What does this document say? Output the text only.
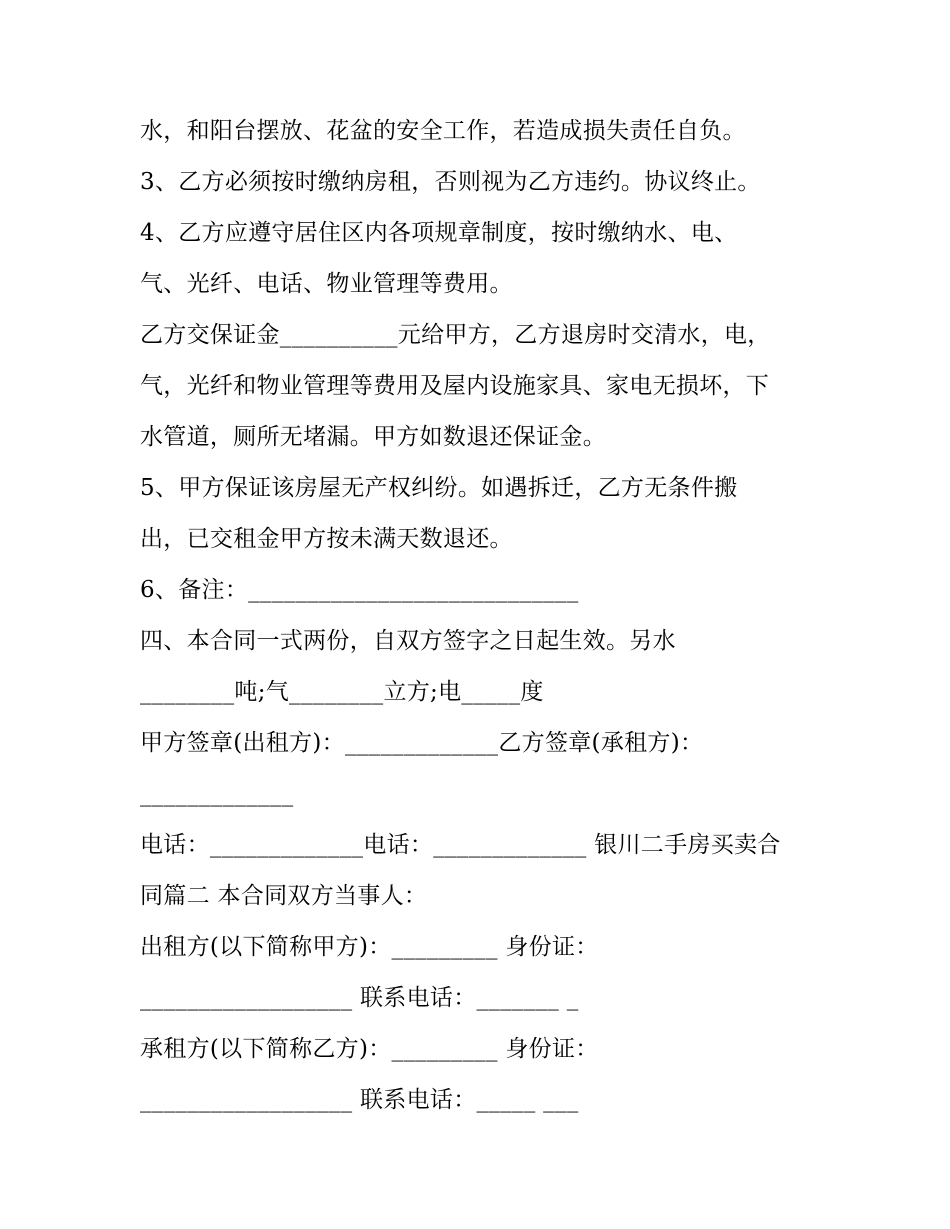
水，和阳台摆放、花盆的安全工作，若造成损失责任自负。
3、乙方必须按时缴纳房租，否则视为乙方违约。协议终止。
4、乙方应遵守居住区内各项规章制度，按时缴纳水、电、
气、光纤、电话、物业管理等费用。
乙方交保证金__________元给甲方，乙方退房时交清水，电，
气，光纤和物业管理等费用及屋内设施家具、家电无损坏，下
水管道，厕所无堵漏。甲方如数退还保证金。
5、甲方保证该房屋无产权纠纷。如遇拆迁，乙方无条件搬
出，已交租金甲方按未满天数退还。
6、备注：____________________________
四、本合同一式两份，自双方签字之日起生效。另水
________吨;气________立方;电_____度
甲方签章(出租方)：_____________乙方签章(承租方)：
_____________
电话：_____________电话：_____________ 银川二手房买卖合
同篇二 本合同双方当事人：
出租方(以下简称甲方)：_________ 身份证：
__________________ 联系电话：_______ _
承租方(以下简称乙方)：_________ 身份证：
__________________ 联系电话：_____ ___
